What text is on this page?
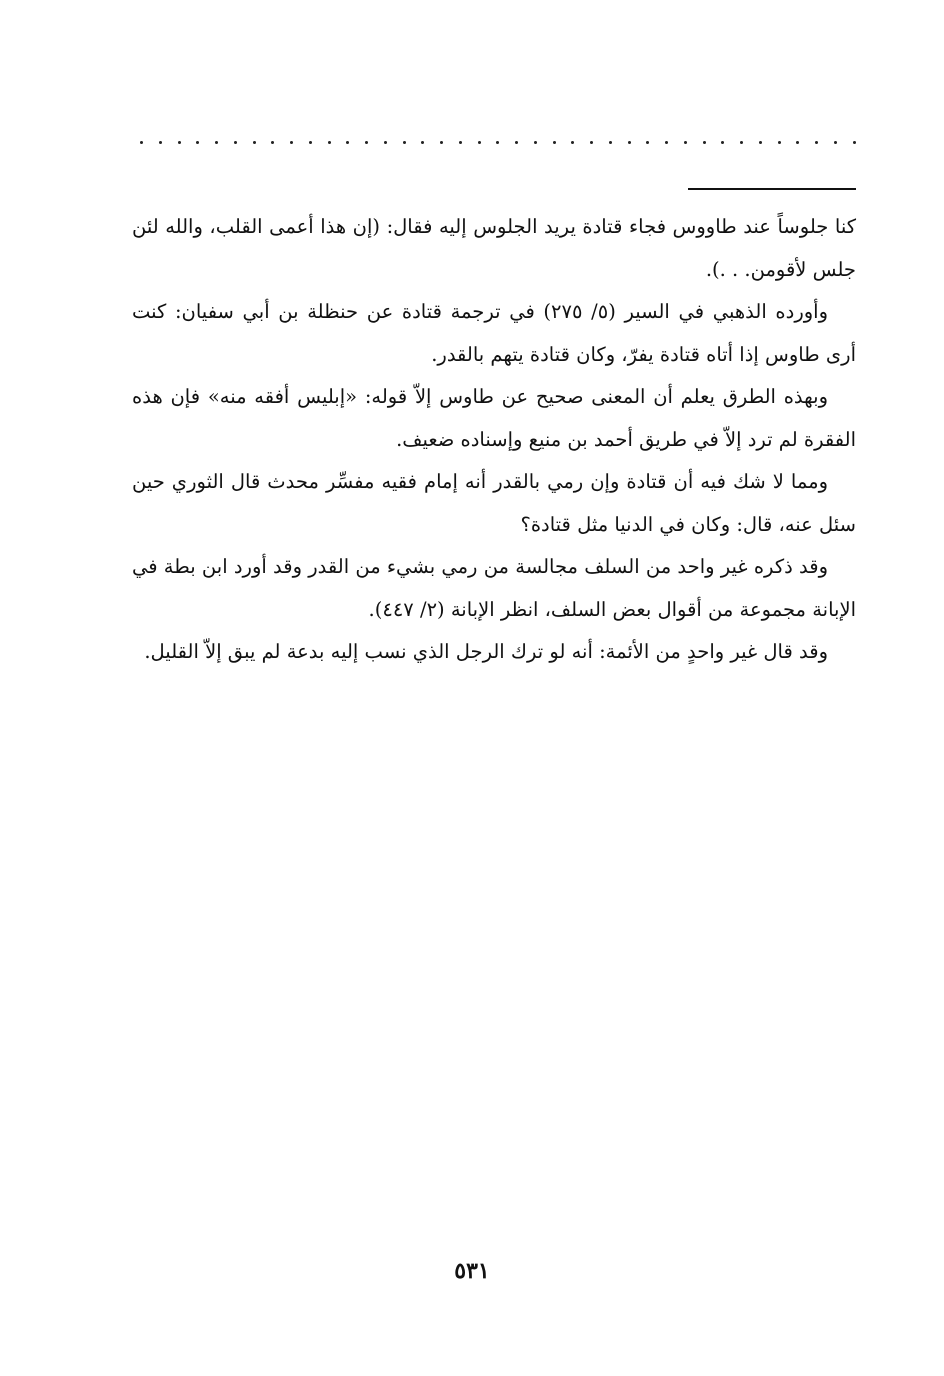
كنا جلوساً عند طاووس فجاء قتادة يريد الجلوس إليه فقال: (إن هذا أعمى القلب، والله لئن جلس لأقومن. . .).

وأورده الذهبي في السير (٥/ ٢٧٥) في ترجمة قتادة عن حنظلة بن أبي سفيان: كنت أرى طاوس إذا أتاه قتادة يفرّ، وكان قتادة يتهم بالقدر.

وبهذه الطرق يعلم أن المعنى صحيح عن طاوس إلاّ قوله: «إبليس أفقه منه» فإن هذه الفقرة لم ترد إلاّ في طريق أحمد بن منيع وإسناده ضعيف.

ومما لا شك فيه أن قتادة وإن رمي بالقدر أنه إمام فقيه مفسِّر محدث قال الثوري حين سئل عنه، قال: وكان في الدنيا مثل قتادة؟

وقد ذكره غير واحد من السلف مجالسة من رمي بشيء من القدر وقد أورد ابن بطة في الإبانة مجموعة من أقوال بعض السلف، انظر الإبانة (٢/ ٤٤٧).

وقد قال غير واحدٍ من الأئمة: أنه لو ترك الرجل الذي نسب إليه بدعة لم يبق إلاّ القليل.

٥٣١
